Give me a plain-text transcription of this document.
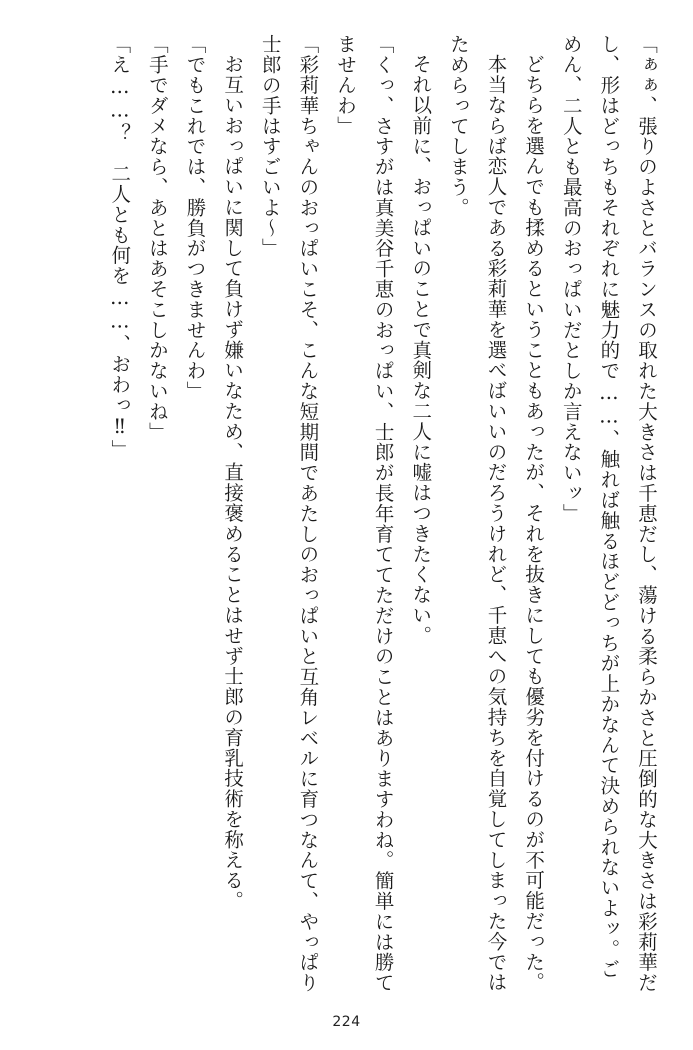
「ぁぁ、張りのよさとバランスの取れた大きさは千恵だし、蕩ける柔らかさと圧倒的な大きさは彩莉華だし、形はどっちもそれぞれに魅力的で……、触れば触るほどどっちが上かなんて決められないよッ。ごめん、二人とも最高のおっぱいだとしか言えないッ」

どちらを選んでも揉めるということもあったが、それを抜きにしても優劣を付けるのが不可能だった。

本当ならば恋人である彩莉華を選べばいいのだろうけれど、千恵への気持ちを自覚してしまった今ではためらってしまう。

それ以前に、おっぱいのことで真剣な二人に嘘はつきたくない。

「くっ、さすがは真美谷千恵のおっぱい、士郎が長年育ててただけのことはありますわね。簡単には勝てませんわ」

「彩莉華ちゃんのおっぱいこそ、こんな短期間であたしのおっぱいと互角レベルに育つなんて、やっぱり士郎の手はすごいよ〜」

お互いおっぱいに関して負けず嫌いなため、直接褒めることはせず士郎の育乳技術を称える。

「でもこれでは、勝負がつきませんわ」

「手でダメなら、あとはあそこしかないね」

「え……？　二人とも何を……、おわっ‼」

224
